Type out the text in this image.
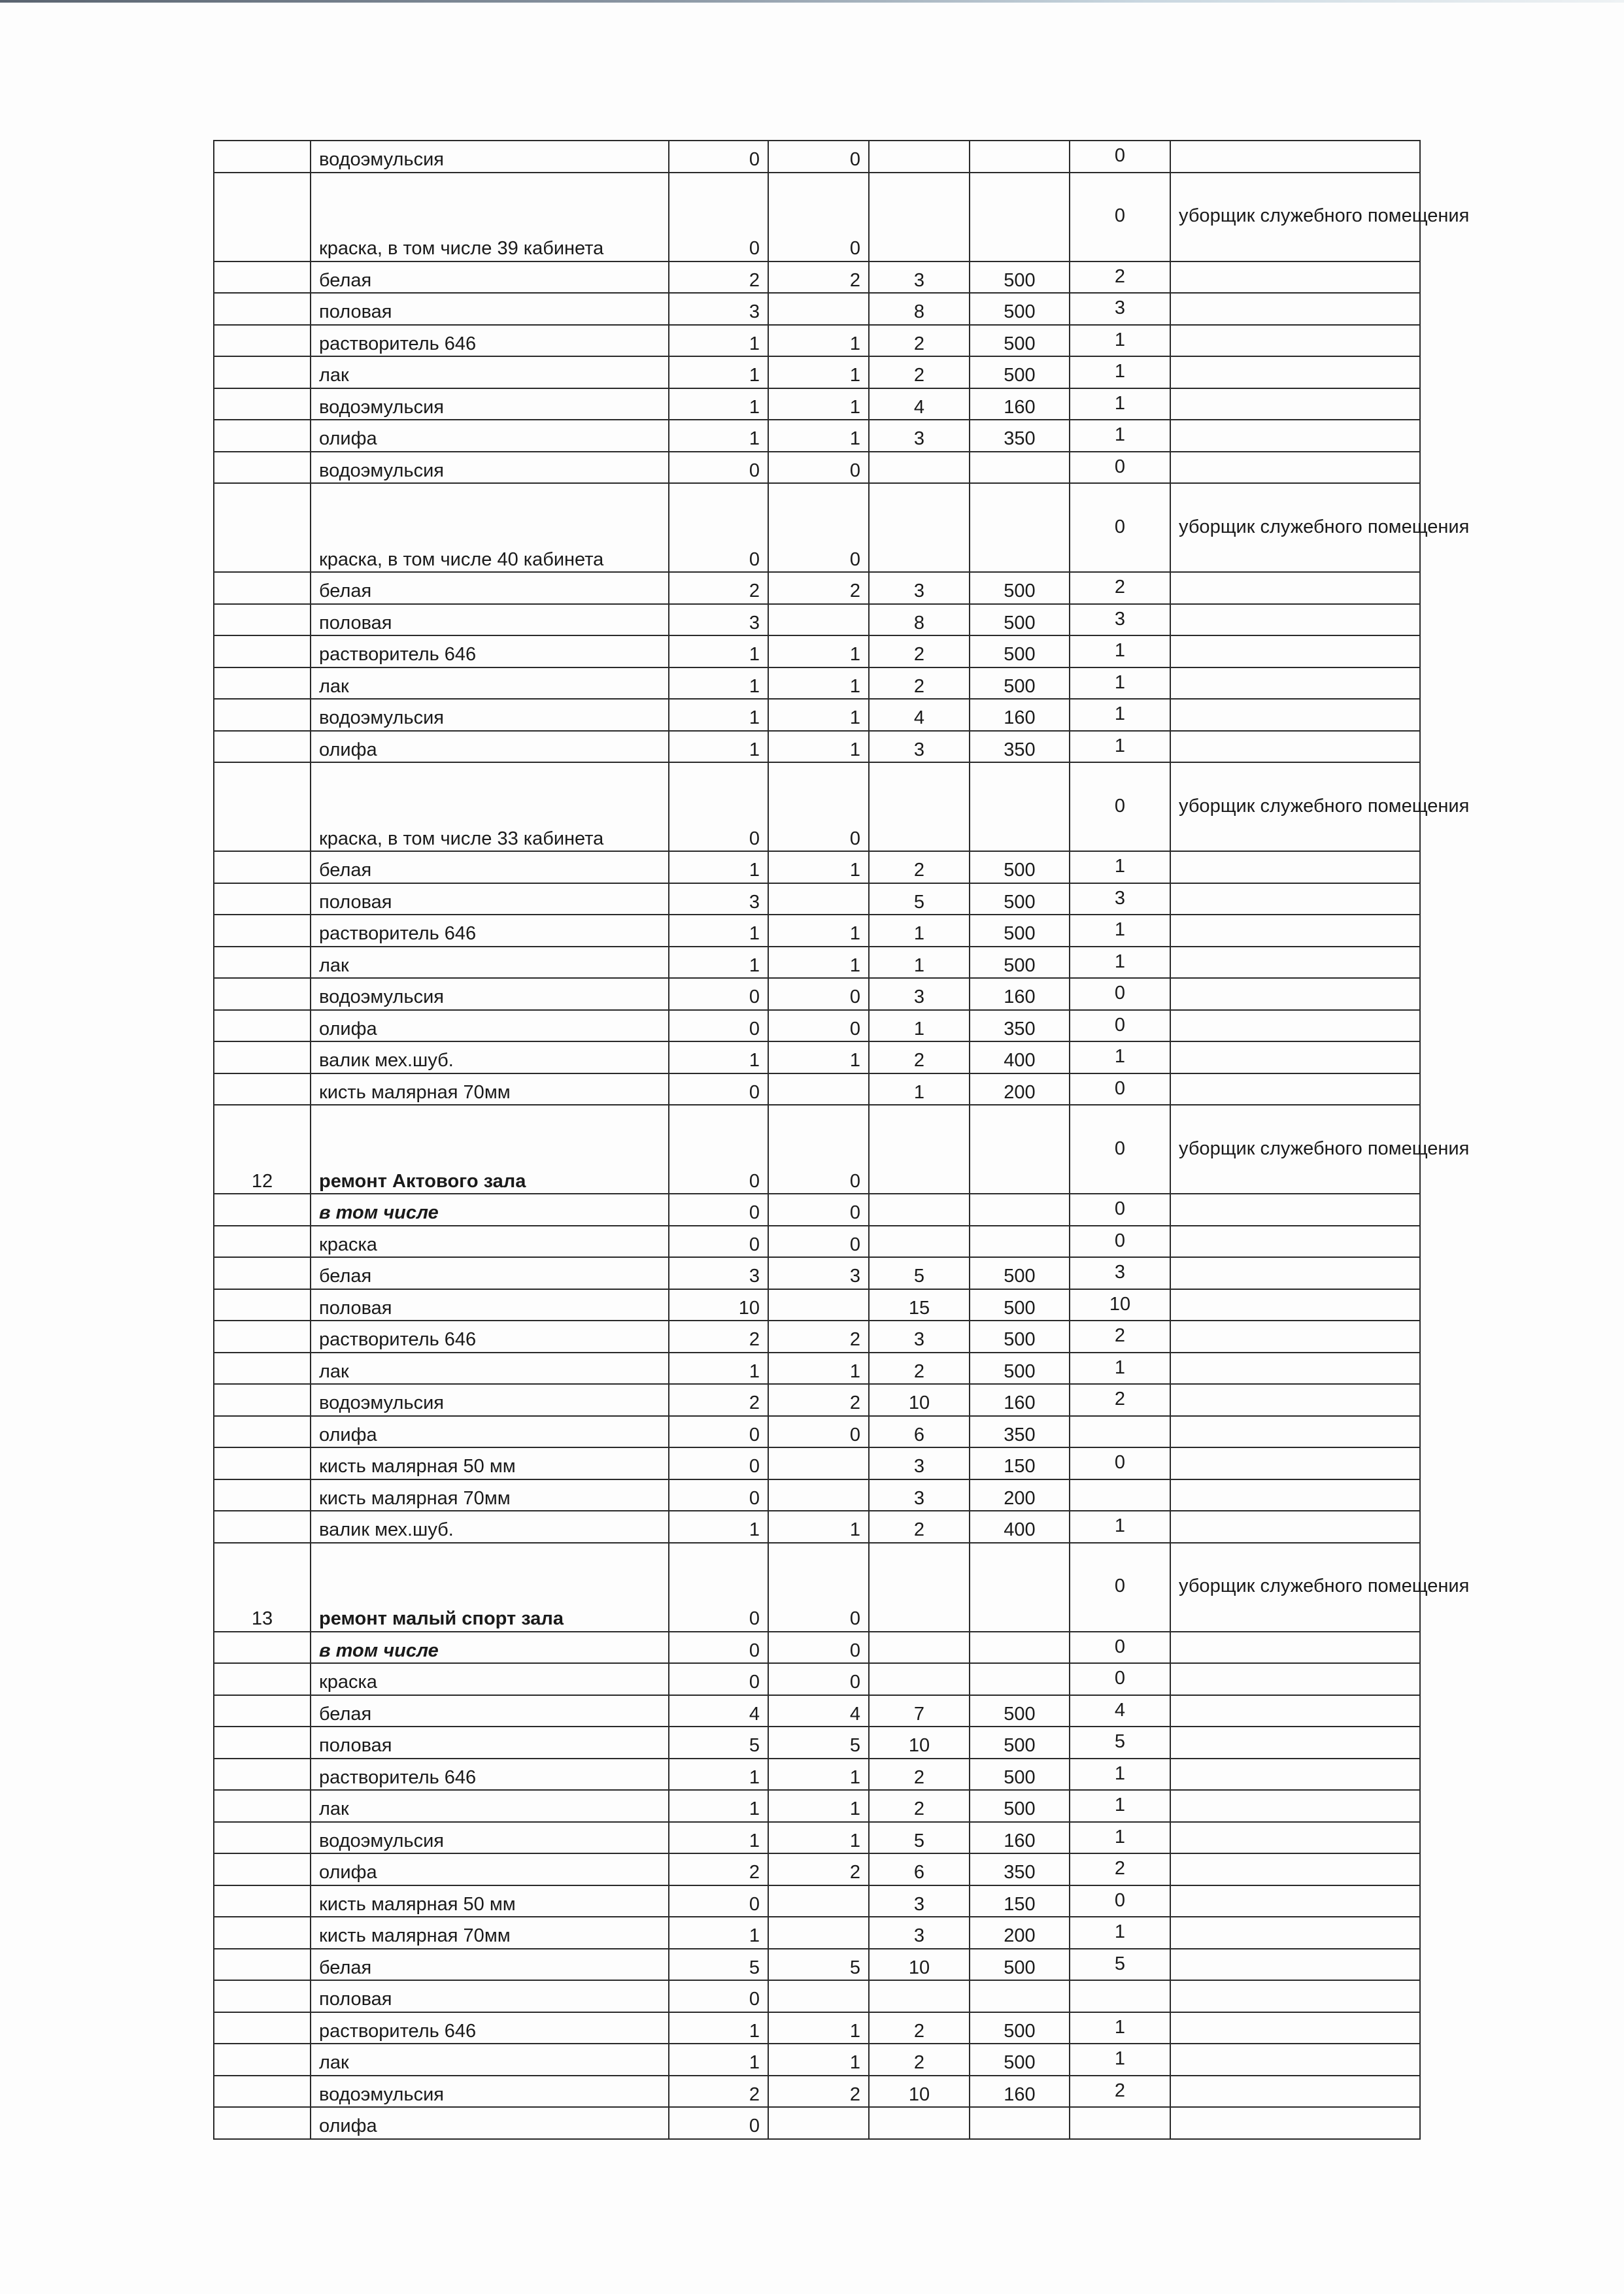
	водоэмульсия	0	0			0	
	краска, в том числе 39 кабинета	0	0			0	уборщик служебного помещения
	белая	2	2	3	500	2	
	половая	3		8	500	3	
	растворитель 646	1	1	2	500	1	
	лак	1	1	2	500	1	
	водоэмульсия	1	1	4	160	1	
	олифа	1	1	3	350	1	
	водоэмульсия	0	0			0	
	краска, в том числе 40 кабинета	0	0			0	уборщик служебного помещения
	белая	2	2	3	500	2	
	половая	3		8	500	3	
	растворитель 646	1	1	2	500	1	
	лак	1	1	2	500	1	
	водоэмульсия	1	1	4	160	1	
	олифа	1	1	3	350	1	
	краска, в том числе 33 кабинета	0	0			0	уборщик служебного помещения
	белая	1	1	2	500	1	
	половая	3		5	500	3	
	растворитель 646	1	1	1	500	1	
	лак	1	1	1	500	1	
	водоэмульсия	0	0	3	160	0	
	олифа	0	0	1	350	0	
	валик мех.шуб.	1	1	2	400	1	
	кисть малярная 70мм	0		1	200	0	
12	ремонт Актового зала	0	0			0	уборщик служебного помещения
	в том числе	0	0			0	
	краска	0	0			0	
	белая	3	3	5	500	3	
	половая	10		15	500	10	
	растворитель 646	2	2	3	500	2	
	лак	1	1	2	500	1	
	водоэмульсия	2	2	10	160	2	
	олифа	0	0	6	350		
	кисть малярная 50 мм	0		3	150	0	
	кисть малярная 70мм	0		3	200		
	валик мех.шуб.	1	1	2	400	1	
13	ремонт малый спорт зала	0	0			0	уборщик служебного помещения
	в том числе	0	0			0	
	краска	0	0			0	
	белая	4	4	7	500	4	
	половая	5	5	10	500	5	
	растворитель 646	1	1	2	500	1	
	лак	1	1	2	500	1	
	водоэмульсия	1	1	5	160	1	
	олифа	2	2	6	350	2	
	кисть малярная 50 мм	0		3	150	0	
	кисть малярная 70мм	1		3	200	1	
	белая	5	5	10	500	5	
	половая	0					
	растворитель 646	1	1	2	500	1	
	лак	1	1	2	500	1	
	водоэмульсия	2	2	10	160	2	
	олифа	0					
